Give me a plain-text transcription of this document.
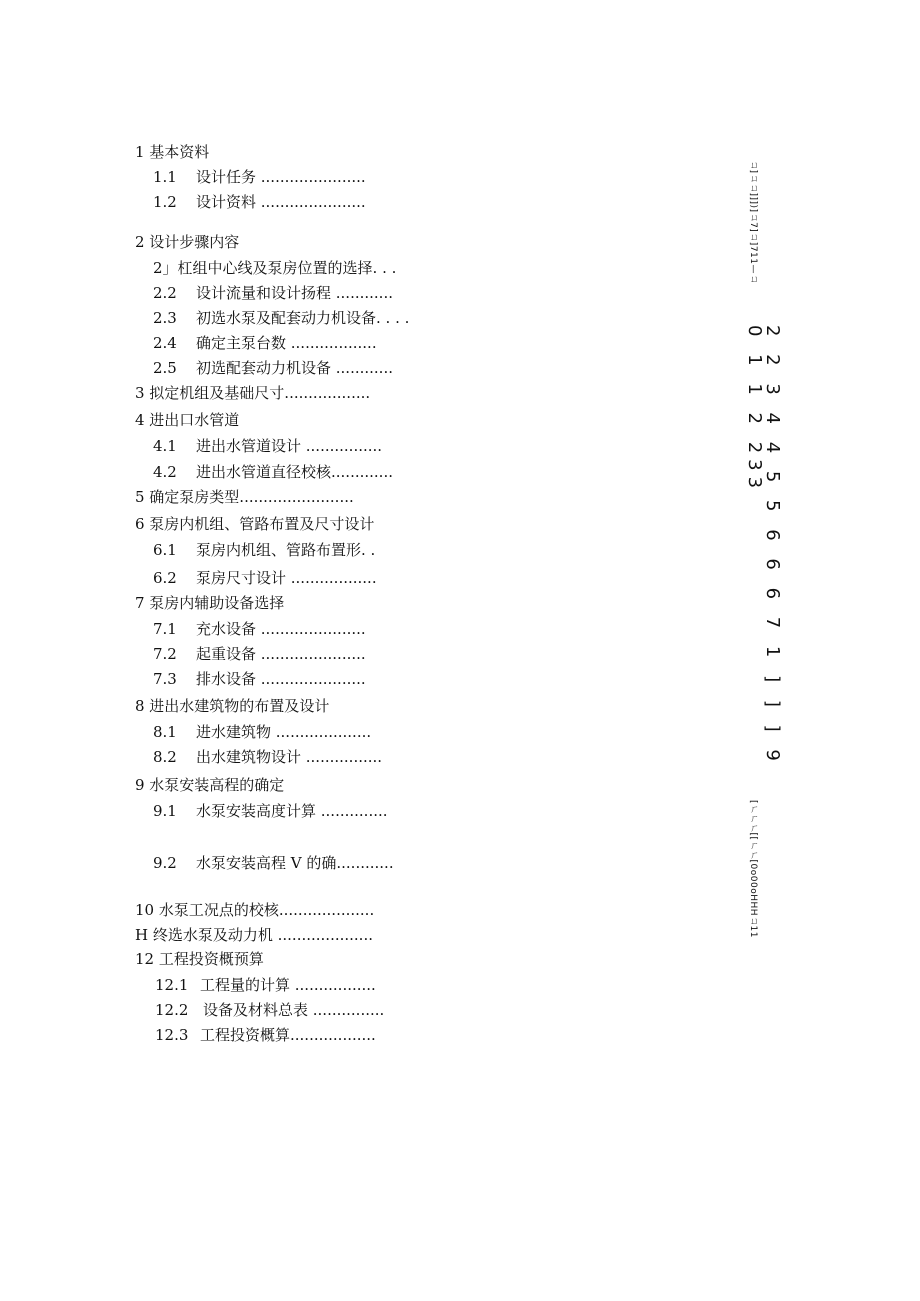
1 基本资料
1.1 设计任务 ......................
1.2 设计资料 ......................
2 设计步骤内容
2」杠组中心线及泵房位置的选择. . .
2.2 设计流量和设计扬程 ............
2.3 初选水泵及配套动力机设备. . . .
2.4 确定主泵台数 ..................
2.5 初选配套动力机设备 ............
3 拟定机组及基础尺寸..................
4 进出口水管道
4.1 进出水管道设计 ................
4.2 进出水管道直径校核.............
5 确定泵房类型........................
6 泵房内机组、管路布置及尺寸设计
6.1 泵房内机组、管路布置形. .
6.2 泵房尺寸设计 ..................
7 泵房内辅助设备选择
7.1 充水设备 ......................
7.2 起重设备 ......................
7.3 排水设备 ......................
8 进出水建筑物的布置及设计
8.1 进水建筑物 ....................
8.2 出水建筑物设计 ................
9 水泵安装高程的确定
9.1 水泵安装高度计算 ..............
9.2 水泵安装高程 V 的确............
10 水泵工况点的校核....................
H 终选水泵及动力机 ....................
12 工程投资概预算
12.1 工程量的计算 .................
12.2 设备及材料总表 ...............
12.3 工程投资概算..................
ㄩ]ㄩㄩ]]])]ㄩ7]ㄩ]711—ㄩ
2 2 3 4 4 5 5 6 6 6 7 1 ] ] ] 9 0 1 1 2 233
[ㄏㄏㄏ[[ㄏㄏ[0o00oHHHㄩ11
